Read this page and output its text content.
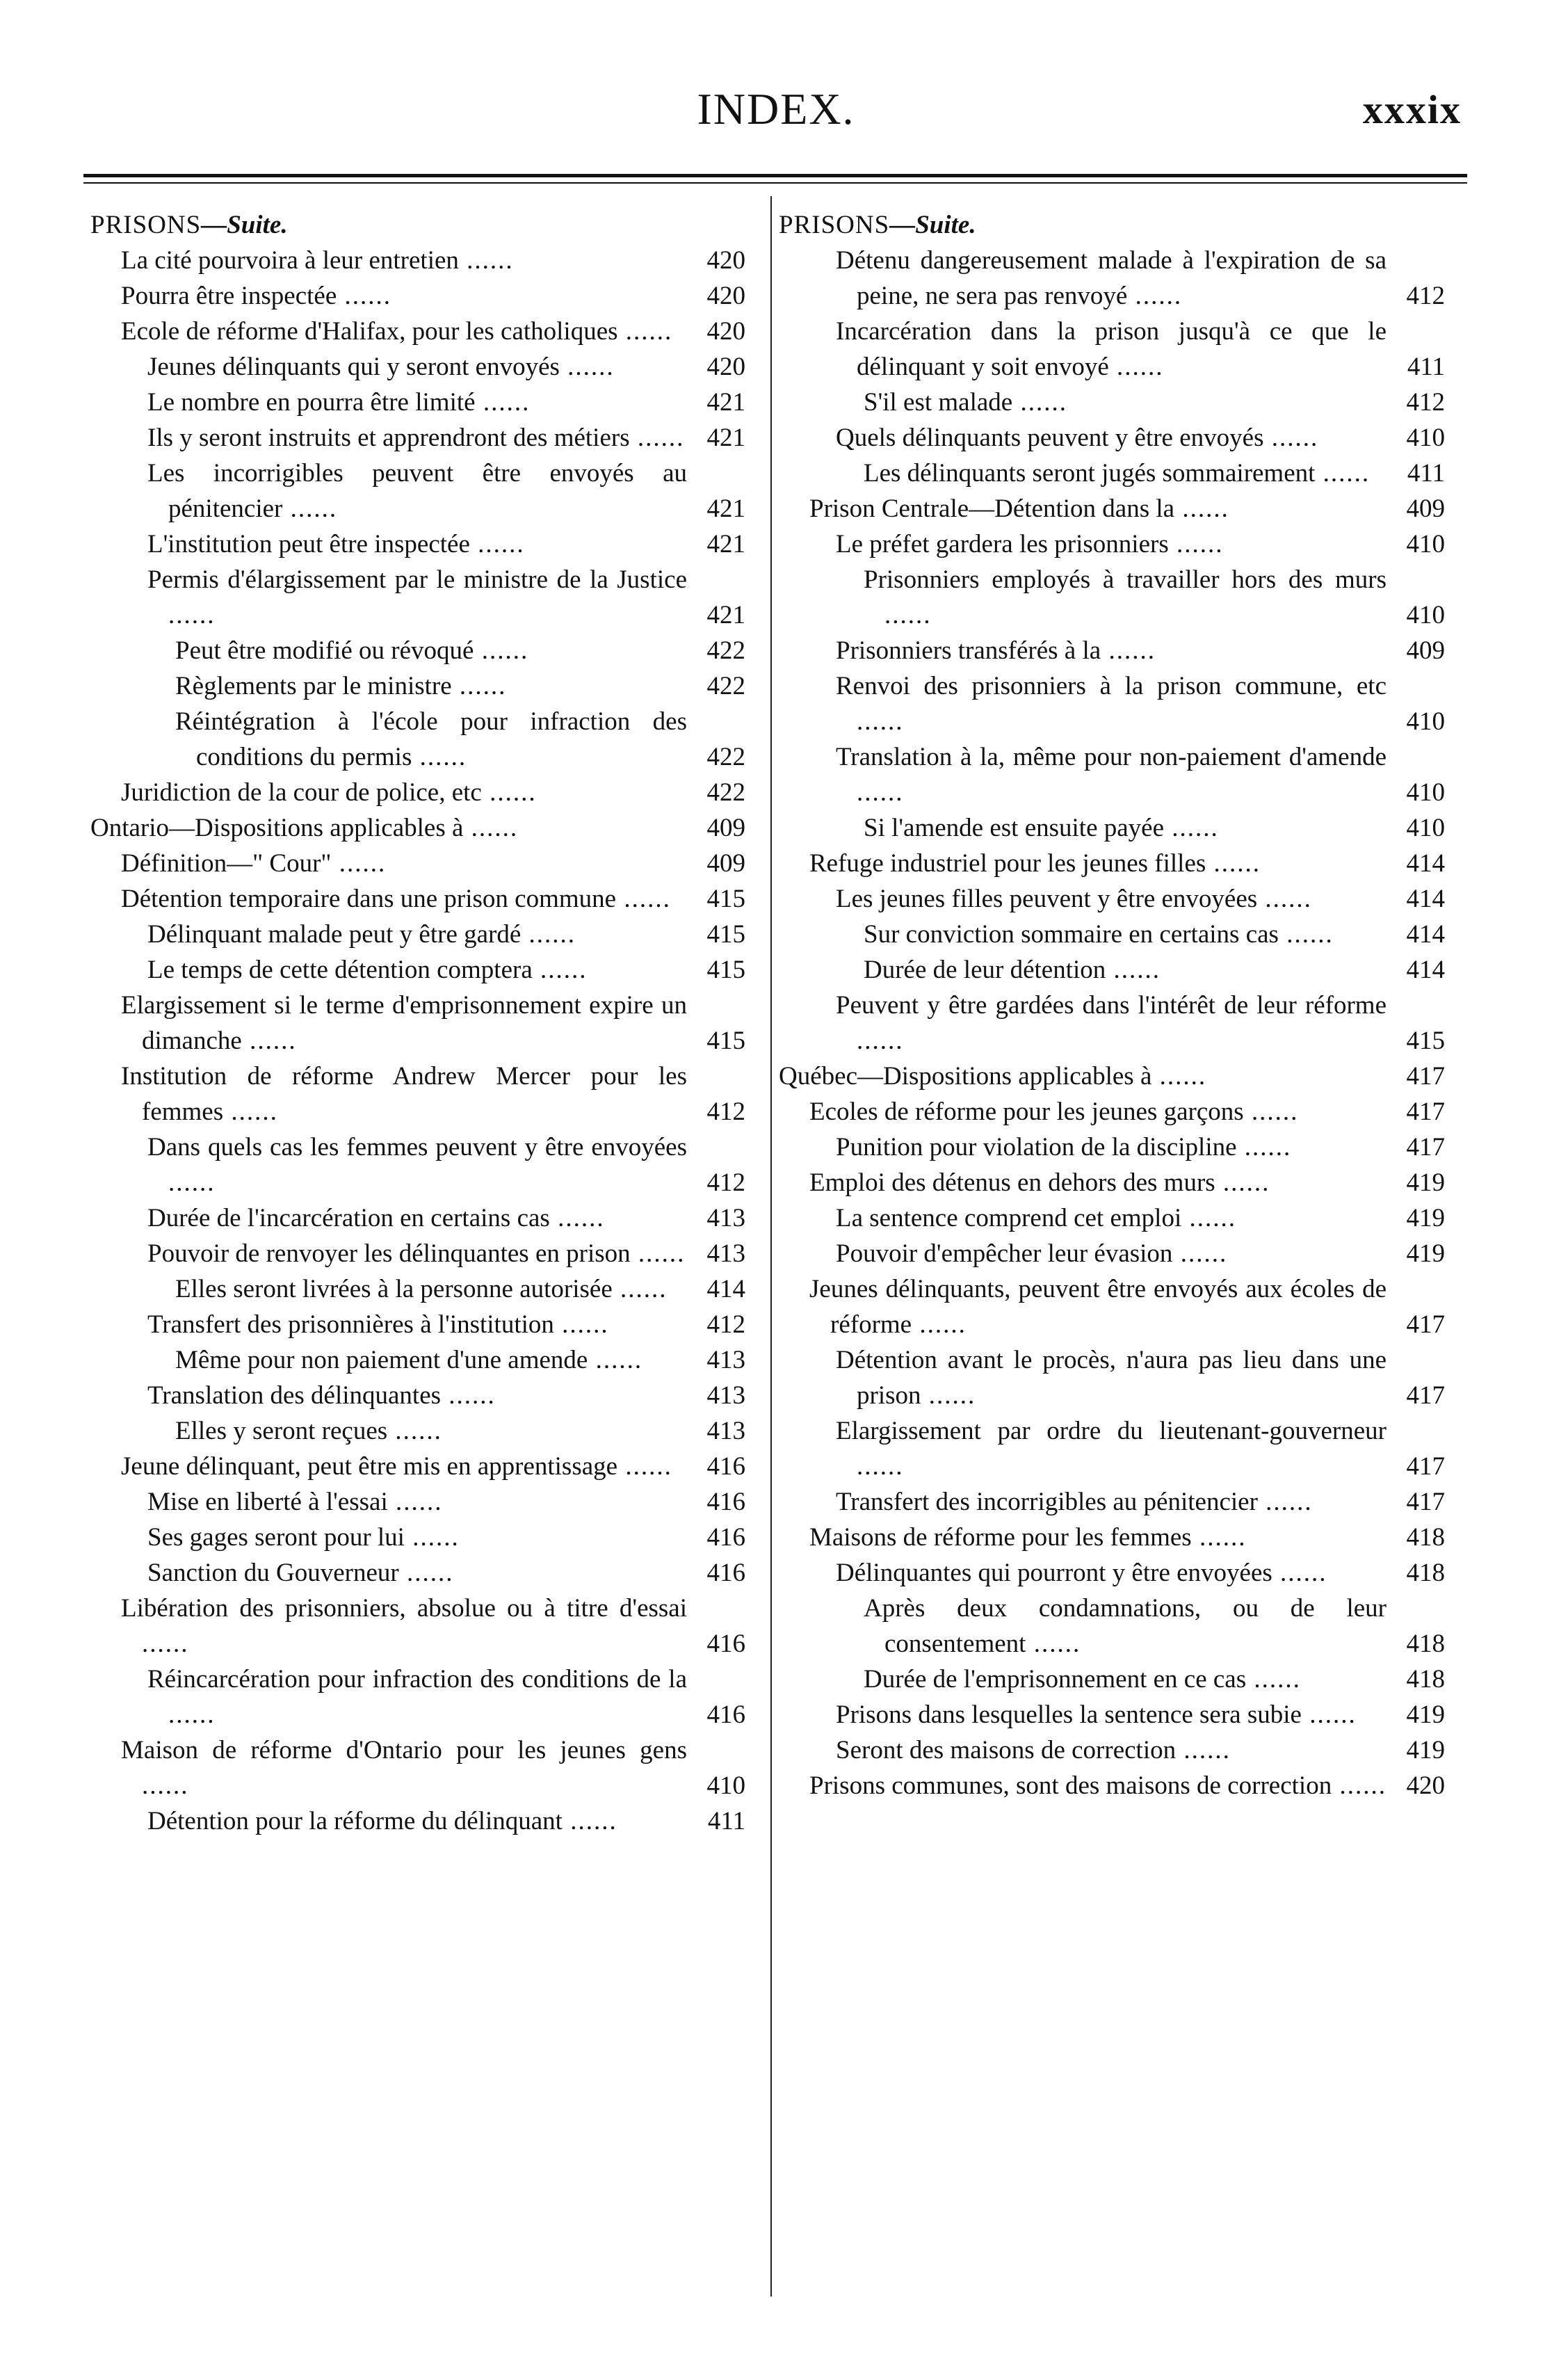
INDEX.	xxxix
PRISONS—Suite.
La cité pourvoira à leur entretien ......	420
Pourra être inspectée ......	420
Ecole de réforme d'Halifax, pour les catholiques ......	420
Jeunes délinquants qui y seront envoyés ......	420
Le nombre en pourra être limité ......	421
Ils y seront instruits et apprendront des métiers ...... 421
Les incorrigibles peuvent être envoyés au pénitencier ......	421
L'institution peut être inspectée ......	421
Permis d'élargissement par le ministre de la Justice ......	421
Peut être modifié ou révoqué ......	422
Règlements par le ministre ......	422
Réintégration à l'école pour infraction des conditions du permis ......	422
Juridiction de la cour de police, etc ......	422
Ontario—Dispositions applicables à ......	409
Définition—" Cour" ......	409
Détention temporaire dans une prison commune ......	415
Délinquant malade peut y être gardé ......	415
Le temps de cette détention comptera ......	415
Elargissement si le terme d'emprisonnement expire un dimanche ......	415
Institution de réforme Andrew Mercer pour les femmes ......	412
Dans quels cas les femmes peuvent y être envoyées ......	412
Durée de l'incarcération en certains cas ......	413
Pouvoir de renvoyer les délinquantes en prison ...... 413
Elles seront livrées à la personne autorisée ......	414
Transfert des prisonnières à l'institution ......	412
Même pour non paiement d'une amende ......	413
Translation des délinquantes ......	413
Elles y seront reçues ......	413
Jeune délinquant, peut être mis en apprentissage ......	416
Mise en liberté à l'essai ......	416
Ses gages seront pour lui ......	416
Sanction du Gouverneur ......	416
Libération des prisonniers, absolue ou à titre d'essai ......	416
Réincarcération pour infraction des conditions de la ......	416
Maison de réforme d'Ontario pour les jeunes gens ......	410
Détention pour la réforme du délinquant ......	411
PRISONS—Suite.
Détenu dangereusement malade à l'expiration de sa peine, ne sera pas renvoyé ......	412
Incarcération dans la prison jusqu'à ce que le délinquant y soit envoyé ......	411
S'il est malade ......	412
Quels délinquants peuvent y être envoyés ......	410
Les délinquants seront jugés sommairement ......	411
Prison Centrale—Détention dans la ......	409
Le préfet gardera les prisonniers ......	410
Prisonniers employés à travailler hors des murs ......	410
Prisonniers transférés à la ......	409
Renvoi des prisonniers à la prison commune, etc ......	410
Translation à la, même pour non-paiement d'amende ......	410
Si l'amende est ensuite payée ......	410
Refuge industriel pour les jeunes filles ......	414
Les jeunes filles peuvent y être envoyées ......	414
Sur conviction sommaire en certains cas ......	414
Durée de leur détention ......	414
Peuvent y être gardées dans l'intérêt de leur réforme ......	415
Québec—Dispositions applicables à ......	417
Ecoles de réforme pour les jeunes garçons ......	417
Punition pour violation de la discipline ......	417
Emploi des détenus en dehors des murs ......	419
La sentence comprend cet emploi ......	419
Pouvoir d'empêcher leur évasion ......	419
Jeunes délinquants, peuvent être envoyés aux écoles de réforme ......	417
Détention avant le procès, n'aura pas lieu dans une prison ......	417
Elargissement par ordre du lieutenant-gouverneur ......	417
Transfert des incorrigibles au pénitencier ......	417
Maisons de réforme pour les femmes ......	418
Délinquantes qui pourront y être envoyées ......	418
Après deux condamnations, ou de leur consentement ......	418
Durée de l'emprisonnement en ce cas ......	418
Prisons dans lesquelles la sentence sera subie ......	419
Seront des maisons de correction ......	419
Prisons communes, sont des maisons de correction ...... 420
